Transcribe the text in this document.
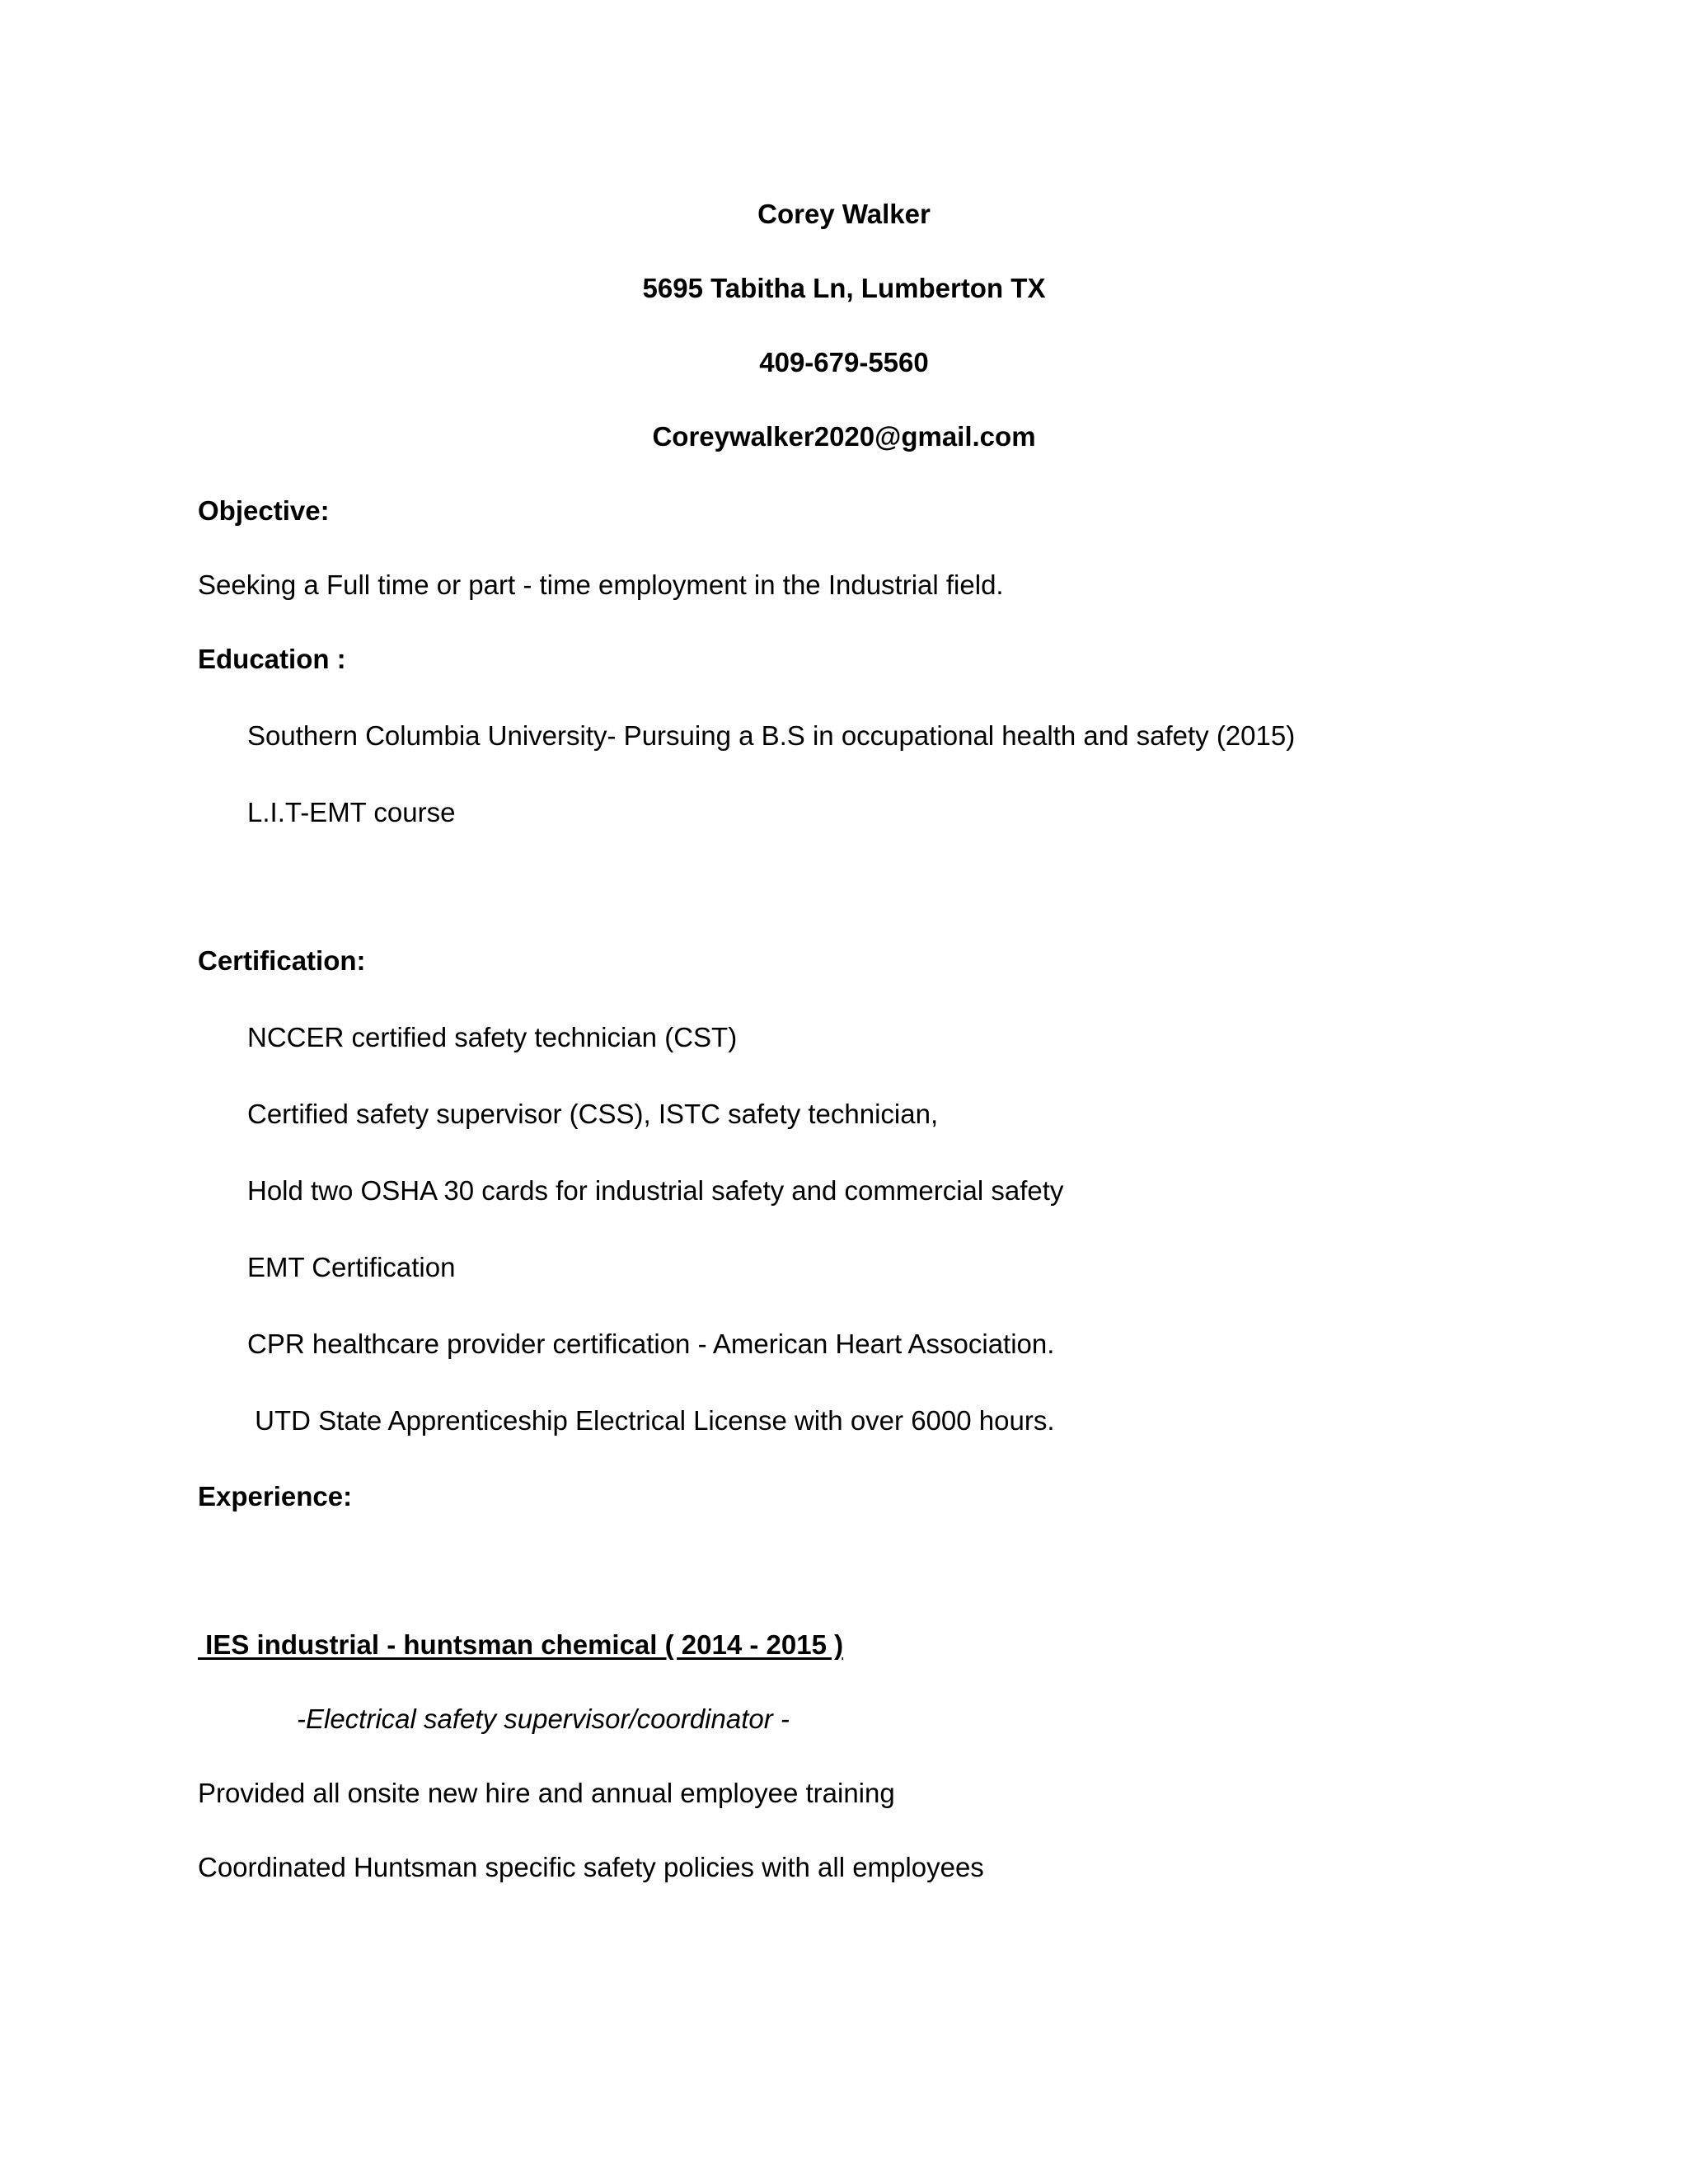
Corey Walker
5695 Tabitha Ln, Lumberton TX
409-679-5560
Coreywalker2020@gmail.com
Objective:
Seeking a Full time or part - time employment in the Industrial field.
Education :
Southern Columbia University- Pursuing a B.S in occupational health and safety (2015)
L.I.T-EMT course
Certification:
NCCER certified safety technician (CST)
Certified safety supervisor (CSS), ISTC safety technician,
Hold two OSHA 30 cards for industrial safety and commercial safety
EMT Certification
CPR healthcare provider certification - American Heart Association.
UTD State Apprenticeship Electrical License with over 6000 hours.
Experience:
IES industrial - huntsman chemical ( 2014 - 2015 )
-Electrical safety supervisor/coordinator -
Provided all onsite new hire and annual employee training
Coordinated Huntsman specific safety policies with all employees
